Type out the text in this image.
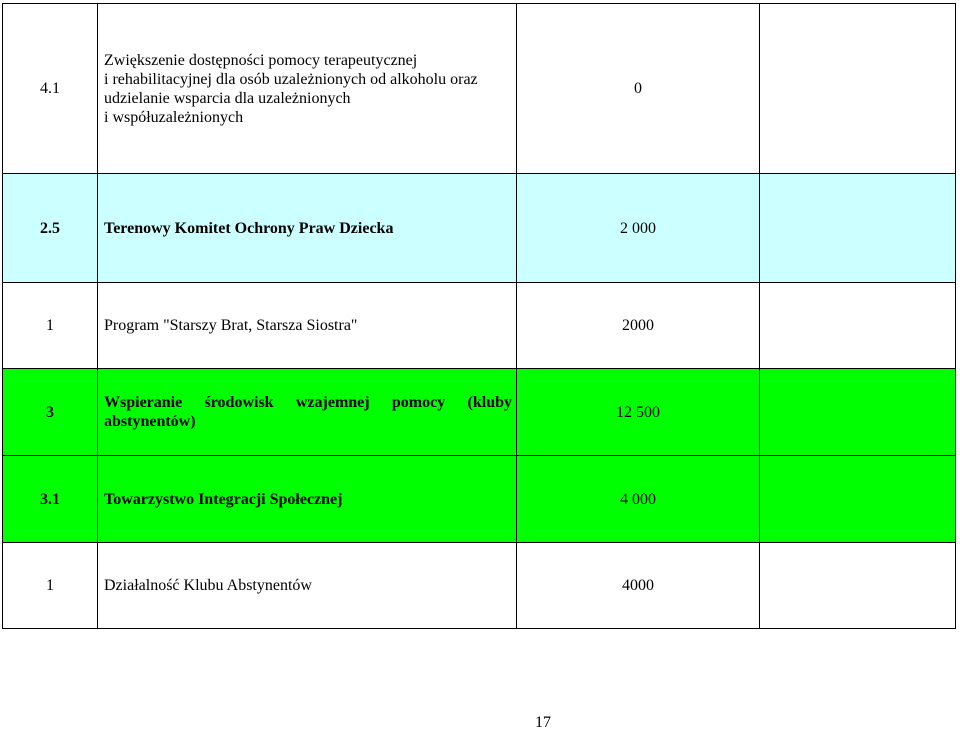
4.1	Zwiększenie dostępności pomocy terapeutycznej
i rehabilitacyjnej dla osób uzależnionych od alkoholu oraz
udzielanie wsparcia dla uzależnionych
i współuzależnionych	0	
2.5	Terenowy Komitet Ochrony Praw Dziecka	2 000	
1	Program "Starszy Brat, Starsza Siostra"	2000	
3	Wspieranie środowisk wzajemnej pomocy (kluby abstynentów)	12 500	
3.1	Towarzystwo Integracji Społecznej	4 000	
1	Działalność Klubu Abstynentów	4000	
17
